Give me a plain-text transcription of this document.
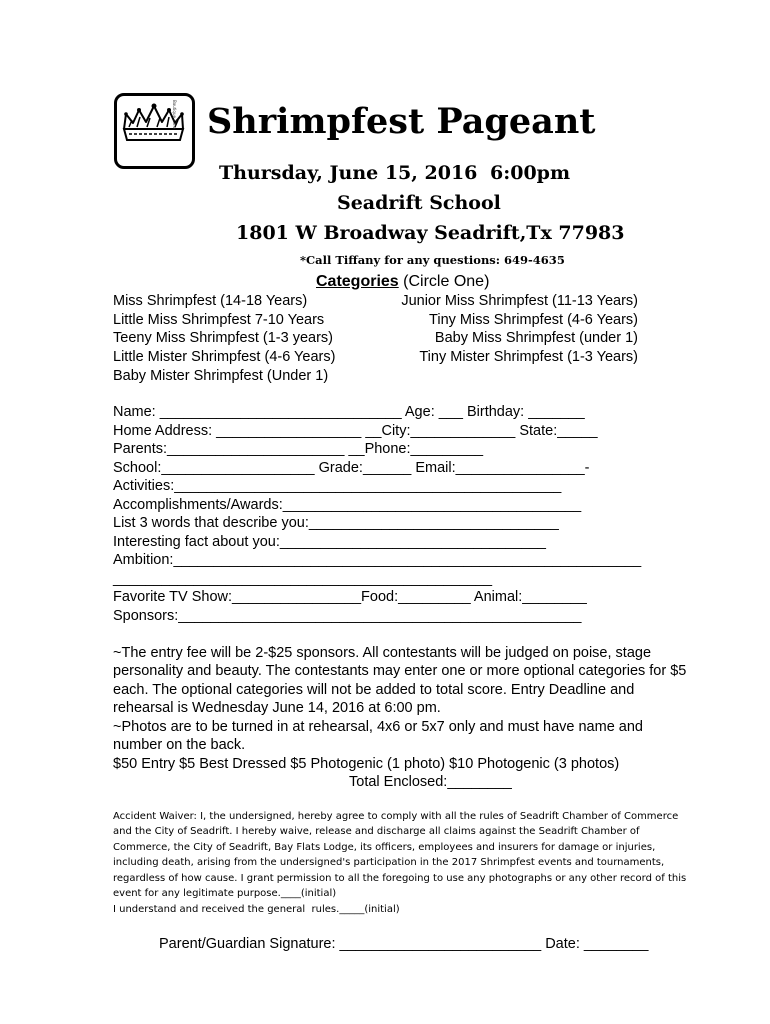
Boutique Time Shrimpfest Pageant
Thursday, June 15, 2016 6:00pm
Seadrift School
1801 W Broadway Seadrift,Tx 77983
*Call Tiffany for any questions: 649-4635
Categories (Circle One)
Miss Shrimpfest (14-18 Years)
Little Miss Shrimpfest 7-10 Years
Teeny Miss Shrimpfest (1-3 years)
Little Mister Shrimpfest (4-6 Years)
Baby Mister Shrimpfest (Under 1)
Junior Miss Shrimpfest (11-13 Years)
Tiny Miss Shrimpfest (4-6 Years)
Baby Miss Shrimpfest (under 1)
Tiny Mister Shrimpfest (1-3 Years)
Name: ______________________________ Age: ___ Birthday: _______
Home Address: __________________ __City:_____________ State:_____
Parents:______________________ __Phone:_________
School:___________________ Grade:______ Email:________________-
Activities:________________________________________________
Accomplishments/Awards:_____________________________________
List 3 words that describe you:_______________________________
Interesting fact about you:_________________________________
Ambition:__________________________________________________________
_______________________________________________
Favorite TV Show:________________Food:_________ Animal:________
Sponsors:__________________________________________________
~The entry fee will be 2-$25 sponsors. All contestants will be judged on poise, stage
personality and beauty. The contestants may enter one or more optional categories for $5
each. The optional categories will not be added to total score. Entry Deadline and
rehearsal is Wednesday June 14, 2016 at 6:00 pm.
~Photos are to be turned in at rehearsal, 4x6 or 5x7 only and must have name and
number on the back.
$50 Entry $5 Best Dressed $5 Photogenic (1 photo) $10 Photogenic (3 photos)
Total Enclosed:________
Accident Waiver: I, the undersigned, hereby agree to comply with all the rules of Seadrift Chamber of Commerce
and the City of Seadrift. I hereby waive, release and discharge all claims against the Seadrift Chamber of
Commerce, the City of Seadrift, Bay Flats Lodge, its officers, employees and insurers for damage or injuries,
including death, arising from the undersigned's participation in the 2017 Shrimpfest events and tournaments,
regardless of how cause. I grant permission to all the foregoing to use any photographs or any other record of this
event for any legitimate purpose.____(initial)
I understand and received the general  rules._____(initial)
Parent/Guardian Signature: _________________________ Date: ________
